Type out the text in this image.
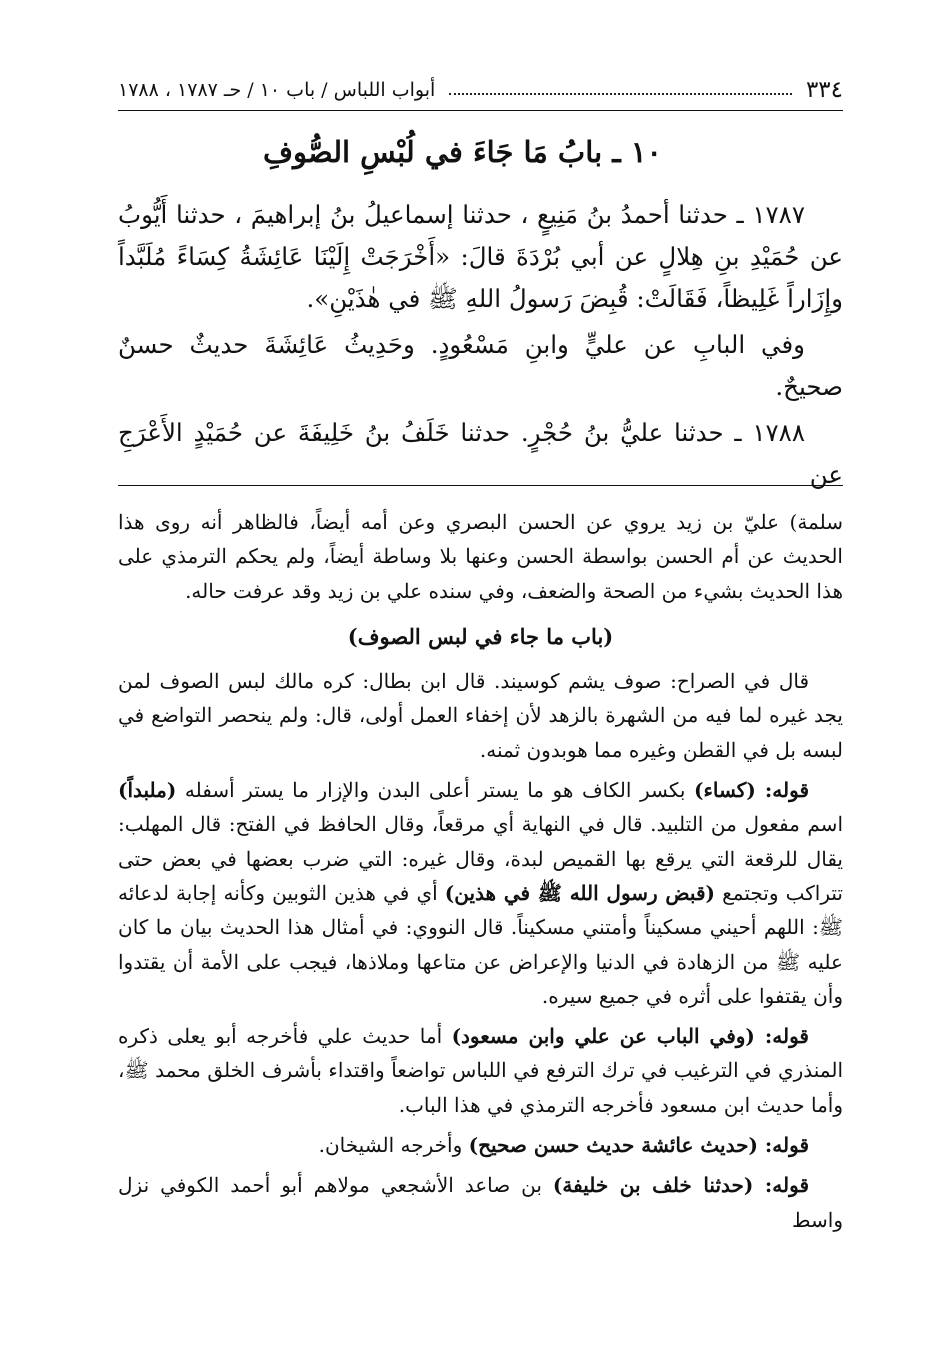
٣٣٤
أبواب اللباس / باب ١٠ / حـ ١٧٨٧ ، ١٧٨٨
١٠ ـ بابُ مَا جَاءَ في لُبْسِ الصُّوفِ

١٧٨٧ ـ حدثنا أحمدُ بنُ مَنِيعٍ ، حدثنا إسماعيلُ بنُ إبراهيمَ ، حدثنا أَيُّوبُ عن حُمَيْدِ بنِ هِلالٍ عن أبي بُرْدَةَ قالَ: «أَخْرَجَتْ إِلَيْنَا عَائِشَةُ كِسَاءً مُلَبَّداً وإِزَاراً غَلِيظاً، فَقَالَتْ: قُبِضَ رَسولُ اللهِ ﷺ في هٰذَيْنِ».

وفي البابِ عن عليٍّ وابنِ مَسْعُودٍ. وحَدِيثُ عَائِشَةَ حديثٌ حسنٌ صحيحٌ.

١٧٨٨ ـ حدثنا عليُّ بنُ حُجْرٍ. حدثنا خَلَفُ بنُ خَلِيفَةَ عن حُمَيْدٍ الأَعْرَجِ عن

سلمة) عليّ بن زيد يروي عن الحسن البصري وعن أمه أيضاً، فالظاهر أنه روى هذا الحديث عن أم الحسن بواسطة الحسن وعنها بلا وساطة أيضاً، ولم يحكم الترمذي على هذا الحديث بشيء من الصحة والضعف، وفي سنده علي بن زيد وقد عرفت حاله.

(باب ما جاء في لبس الصوف)

قال في الصراح: صوف يشم كوسيند. قال ابن بطال: كره مالك لبس الصوف لمن يجد غيره لما فيه من الشهرة بالزهد لأن إخفاء العمل أولى، قال: ولم ينحصر التواضع في لبسه بل في القطن وغيره مما هوبدون ثمنه.

قوله: (كساء) بكسر الكاف هو ما يستر أعلى البدن والإزار ما يستر أسفله (ملبداً) اسم مفعول من التلبيد. قال في النهاية أي مرقعاً، وقال الحافظ في الفتح: قال المهلب: يقال للرقعة التي يرقع بها القميص لبدة، وقال غيره: التي ضرب بعضها في بعض حتى تتراكب وتجتمع (قبض رسول الله ﷺ في هذين) أي في هذين الثوبين وكأنه إجابة لدعائه ﷺ: اللهم أحيني مسكيناً وأمتني مسكيناً. قال النووي: في أمثال هذا الحديث بيان ما كان عليه ﷺ من الزهادة في الدنيا والإعراض عن متاعها وملاذها، فيجب على الأمة أن يقتدوا وأن يقتفوا على أثره في جميع سيره.

قوله: (وفي الباب عن علي وابن مسعود) أما حديث علي فأخرجه أبو يعلى ذكره المنذري في الترغيب في ترك الترفع في اللباس تواضعاً واقتداء بأشرف الخلق محمد ﷺ، وأما حديث ابن مسعود فأخرجه الترمذي في هذا الباب.

قوله: (حديث عائشة حديث حسن صحيح) وأخرجه الشيخان.

قوله: (حدثنا خلف بن خليفة) بن صاعد الأشجعي مولاهم أبو أحمد الكوفي نزل واسط
